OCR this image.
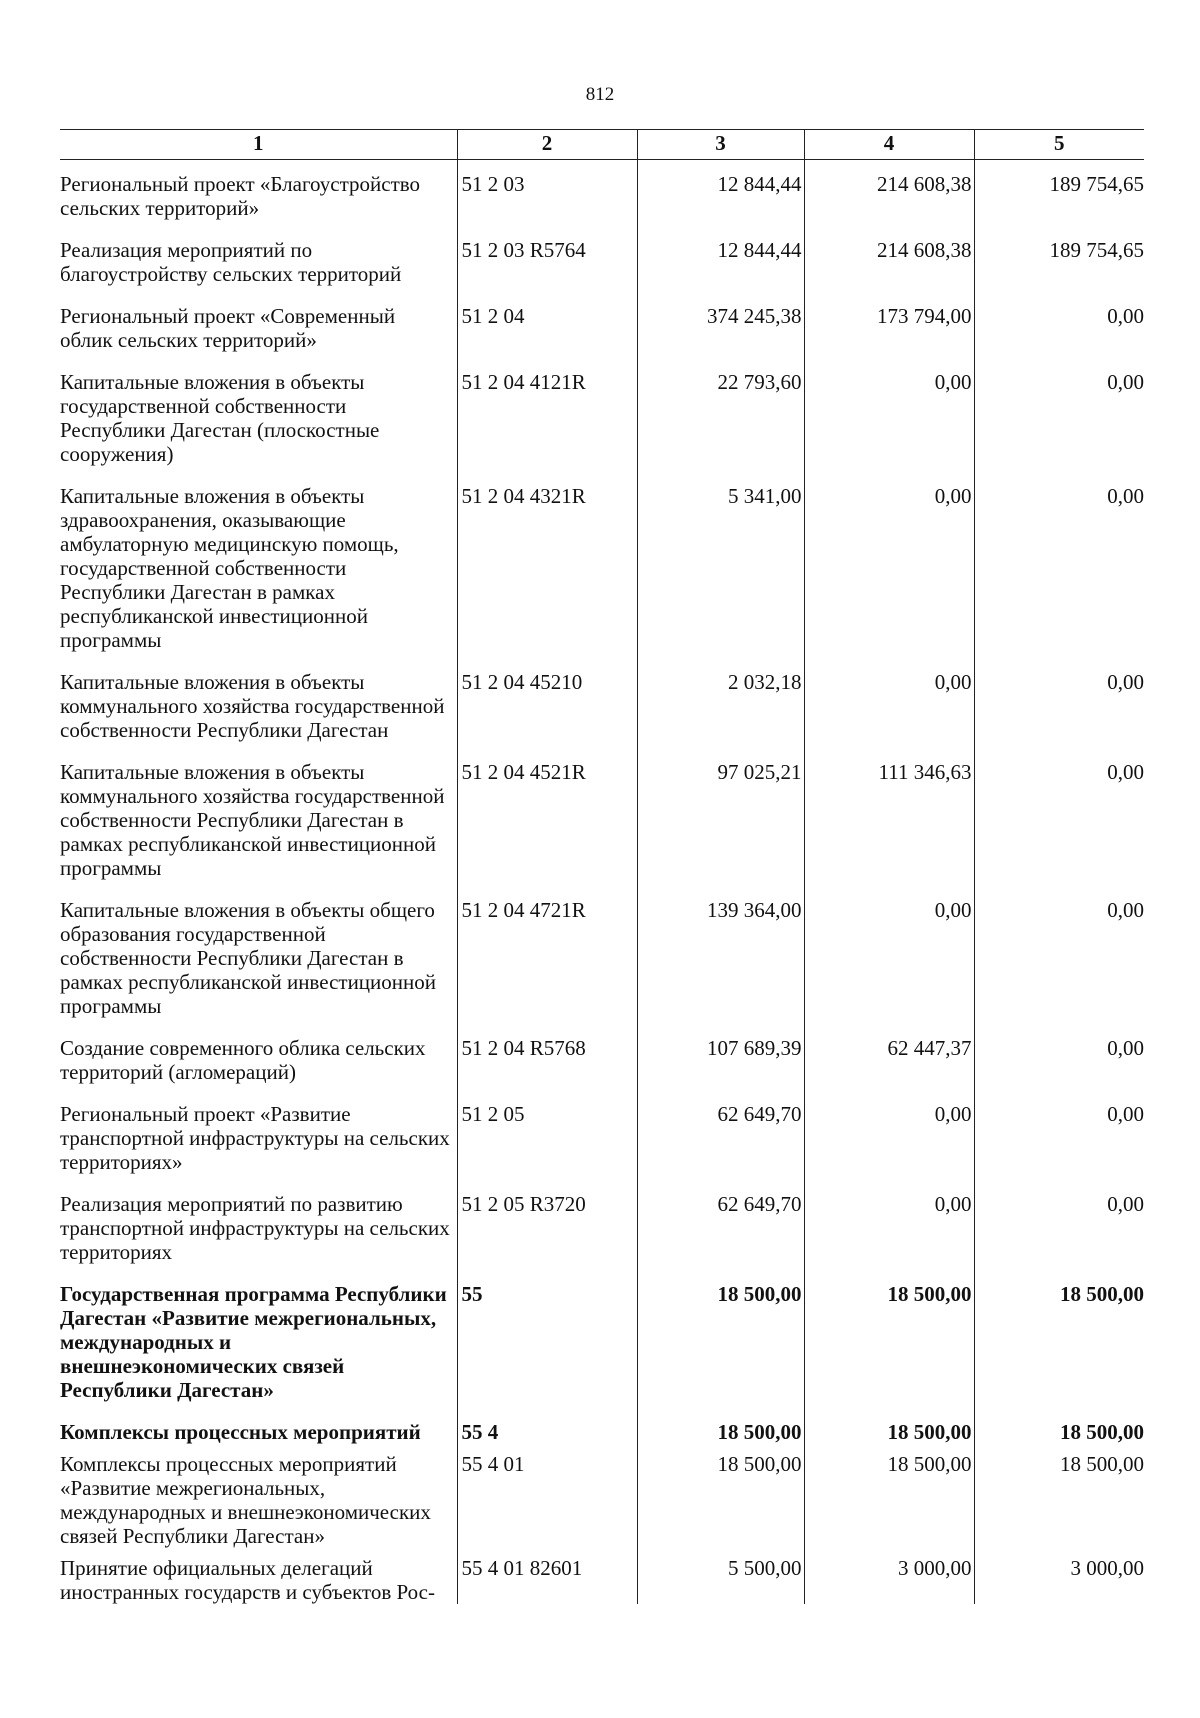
812
1	2	3	4	5
Региональный проект «Благоустройство сельских территорий»	51 2 03	12 844,44	214 608,38	189 754,65
Реализация мероприятий по благоустройству сельских территорий	51 2 03 R5764	12 844,44	214 608,38	189 754,65
Региональный проект «Современный облик сельских территорий»	51 2 04	374 245,38	173 794,00	0,00
Капитальные вложения в объекты государственной собственности Республики Дагестан (плоскостные сооружения)	51 2 04 4121R	22 793,60	0,00	0,00
Капитальные вложения в объекты здравоохранения, оказывающие амбулаторную медицинскую помощь, государственной собственности Республики Дагестан в рамках республиканской инвестиционной программы	51 2 04 4321R	5 341,00	0,00	0,00
Капитальные вложения в объекты коммунального хозяйства государственной собственности Республики Дагестан	51 2 04 45210	2 032,18	0,00	0,00
Капитальные вложения в объекты коммунального хозяйства государственной собственности Республики Дагестан в рамках республиканской инвестиционной программы	51 2 04 4521R	97 025,21	111 346,63	0,00
Капитальные вложения в объекты общего образования государственной собственности Республики Дагестан в рамках республиканской инвестиционной программы	51 2 04 4721R	139 364,00	0,00	0,00
Создание современного облика сельских территорий (агломераций)	51 2 04 R5768	107 689,39	62 447,37	0,00
Региональный проект «Развитие транспортной инфраструктуры на сельских территориях»	51 2 05	62 649,70	0,00	0,00
Реализация мероприятий по развитию транспортной инфраструктуры на сельских территориях	51 2 05 R3720	62 649,70	0,00	0,00
Государственная программа Республики Дагестан «Развитие межрегиональных, международных и внешнеэкономических связей Республики Дагестан»	55	18 500,00	18 500,00	18 500,00
Комплексы процессных мероприятий	55 4	18 500,00	18 500,00	18 500,00
Комплексы процессных мероприятий «Развитие межрегиональных, международных и внешнеэкономических связей Республики Дагестан»	55 4 01	18 500,00	18 500,00	18 500,00
Принятие официальных делегаций иностранных государств и субъектов Рос-	55 4 01 82601	5 500,00	3 000,00	3 000,00
